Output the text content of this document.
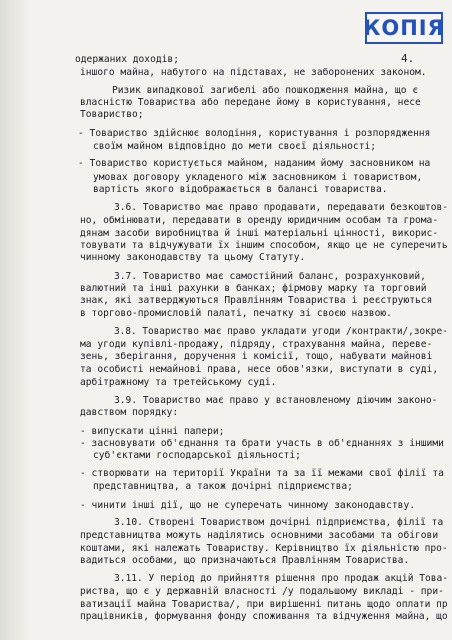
КОПІЯ
4.
одержаних доходів;
іншого майна, набутого на підставах, не заборонених законом.
Ризик випадкової загибелі або пошкодження майна, що є
власністю Товариства або передане йому в користування, несе
Товариство;
- Товариство здійснює володіння, користування і розпорядження
своїм майном відповідно до мети своєї діяльності;
- Товариство користується майном, наданим йому засновником на
умовах договору укладеного між засновником і товариством,
вартість якого відображається в балансі товариства.
3.6. Товариство має право продавати, передавати безкоштов-
но, обмінювати, передавати в оренду юридичним особам та грома-
дянам засоби виробництва й інші матеріальні цінності, викорис-
товувати та відчужувати їх іншим способом, якщо це не суперечить
чинному законодавству та цьому Статуту.
3.7. Товариство має самостійний баланс, розрахунковий,
валютний та інші рахунки в банках; фірмову марку та торговий
знак, які затверджуються Правлінням Товариства і реєструються
в торгово-промисловій палаті, печатку зі своєю назвою.
3.8. Товариство має право укладати угоди /контракти/,зокре-
ма угоди купівлі-продажу, підряду, страхування майна, переве-
зень, зберігання, доручення і комісії, тощо, набувати майнові
та особисті немайнові права, несе обов'язки, виступати в суді,
арбітражному та третейському суді.
3.9. Товариство має право у встановленому діючим законо-
давством порядку:
- випускати цінні папери;
- засновувати об'єднання та брати участь в об'єднаннях з іншими
суб'єктами господарської діяльності;
- створювати на території України та за її межами свої філії та
представництва, а також дочірні підприємства;
- чинити інші дії, що не суперечать чинному законодавству.
3.10. Створені Товариством дочірні підприємства, філії та
представництва можуть наділятись основними засобами та обігови
коштами, які належать Товариству. Керівництво їх діяльністю про-
вадиться особами, що призначаються Правлінням Товариства.
3.11. У період до прийняття рішення про продаж акцій Това-
риства, що є у державній власності /у подальшому викладі - при-
ватизації майна Товариства/, при вирішенні питань щодо оплати пр
працівників, формування фонду споживання та відчуження майна, що
